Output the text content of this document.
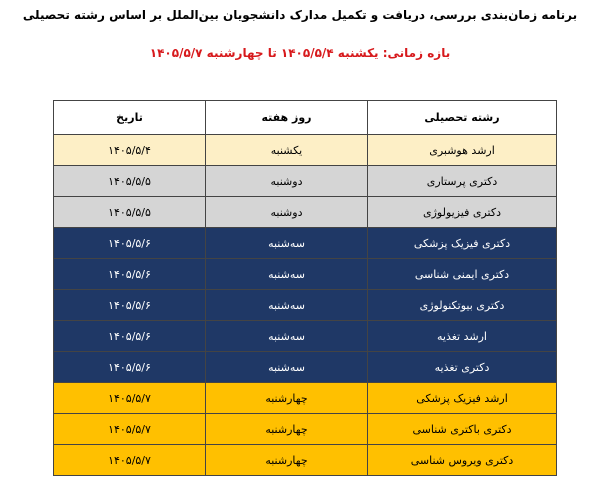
برنامه زمان‌بندی بررسی، دریافت و تکمیل مدارک دانشجویان بین‌الملل بر اساس رشته تحصیلی
بازه زمانی: یکشنبه ۱۴۰۵/۵/۴ تا چهارشنبه ۱۴۰۵/۵/۷
رشته تحصیلی	روز هفته	تاریخ
ارشد هوشبری	یکشنبه	۱۴۰۵/۵/۴
دکتری پرستاری	دوشنبه	۱۴۰۵/۵/۵
دکتری فیزیولوژی	دوشنبه	۱۴۰۵/۵/۵
دکتری فیزیک پزشکی	سه‌شنبه	۱۴۰۵/۵/۶
دکتری ایمنی شناسی	سه‌شنبه	۱۴۰۵/۵/۶
دکتری بیوتکنولوژی	سه‌شنبه	۱۴۰۵/۵/۶
ارشد تغذیه	سه‌شنبه	۱۴۰۵/۵/۶
دکتری تغذیه	سه‌شنبه	۱۴۰۵/۵/۶
ارشد فیزیک پزشکی	چهارشنبه	۱۴۰۵/۵/۷
دکتری باکتری شناسی	چهارشنبه	۱۴۰۵/۵/۷
دکتری ویروس شناسی	چهارشنبه	۱۴۰۵/۵/۷
